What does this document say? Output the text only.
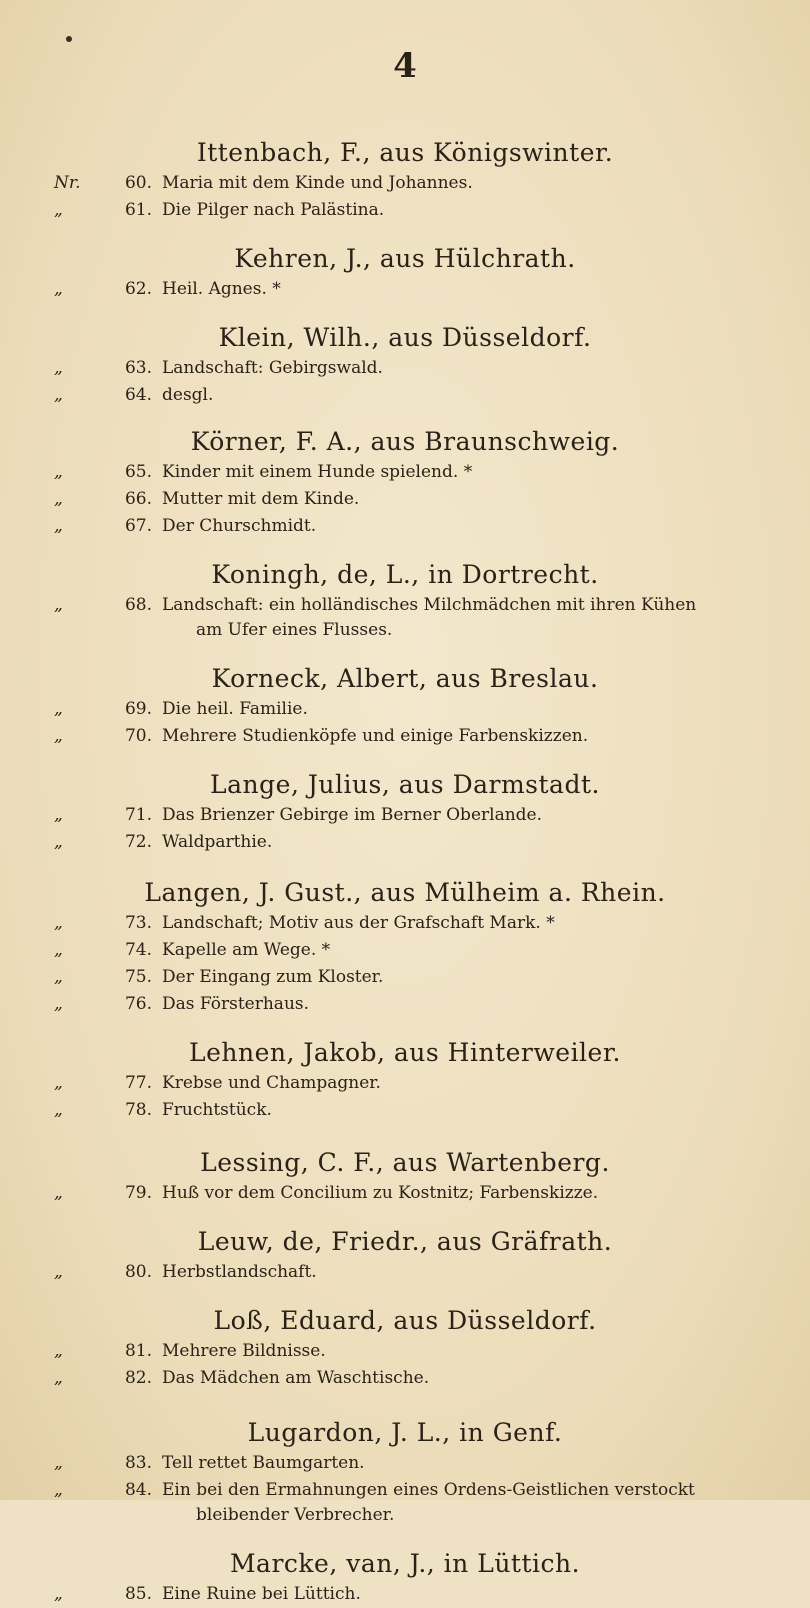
4
Ittenbach, F., aus Königswinter.
Nr.	60. Maria mit dem Kinde und Johannes.
„	61. Die Pilger nach Palästina.
Kehren, J., aus Hülchrath.
„	62. Heil. Agnes. *
Klein, Wilh., aus Düsseldorf.
„	63. Landschaft: Gebirgswald.
„	64. desgl.
Körner, F. A., aus Braunschweig.
„	65. Kinder mit einem Hunde spielend. *
„	66. Mutter mit dem Kinde.
„	67. Der Churschmidt.
Koningh, de, L., in Dortrecht.
„	68. Landschaft: ein holländisches Milchmädchen mit ihren Kühen
am Ufer eines Flusses.
Korneck, Albert, aus Breslau.
„	69. Die heil. Familie.
„	70. Mehrere Studienköpfe und einige Farbenskizzen.
Lange, Julius, aus Darmstadt.
„	71. Das Brienzer Gebirge im Berner Oberlande.
„	72. Waldparthie.
Langen, J. Gust., aus Mülheim a. Rhein.
„	73. Landschaft; Motiv aus der Grafschaft Mark. *
„	74. Kapelle am Wege. *
„	75. Der Eingang zum Kloster.
„	76. Das Försterhaus.
Lehnen, Jakob, aus Hinterweiler.
„	77. Krebse und Champagner.
„	78. Fruchtstück.
Lessing, C. F., aus Wartenberg.
„	79. Huß vor dem Concilium zu Kostnitz; Farbenskizze.
Leuw, de, Friedr., aus Gräfrath.
„	80. Herbstlandschaft.
Loß, Eduard, aus Düsseldorf.
„	81. Mehrere Bildnisse.
„	82. Das Mädchen am Waschtische.
Lugardon, J. L., in Genf.
„	83. Tell rettet Baumgarten.
„	84. Ein bei den Ermahnungen eines Ordens-Geistlichen verstockt
bleibender Verbrecher.
Marcke, van, J., in Lüttich.
„	85. Eine Ruine bei Lüttich.
